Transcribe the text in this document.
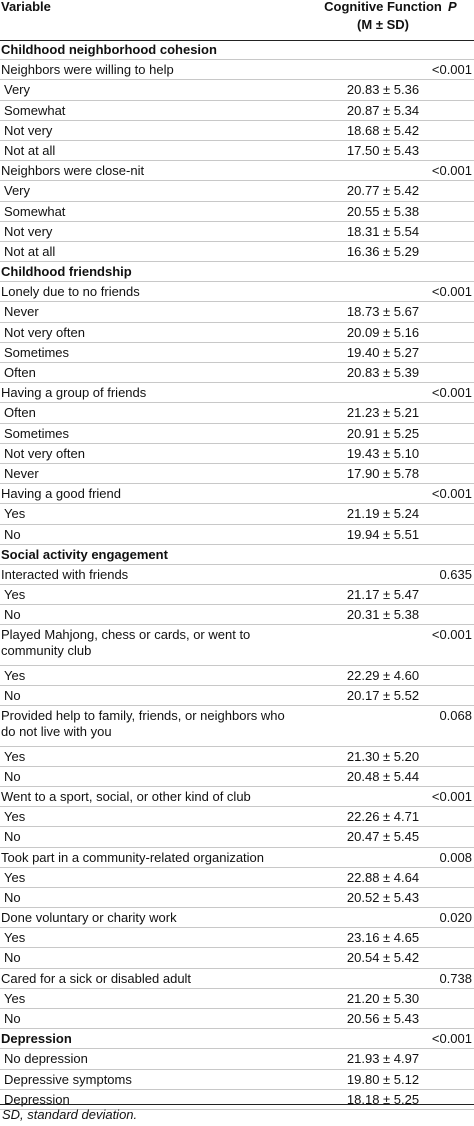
Variable	Cognitive Function
(M ± SD)
P
Childhood neighborhood cohesion
Neighbors were willing to help	<0.001
Very	20.83 ± 5.36
Somewhat	20.87 ± 5.34
Not very	18.68 ± 5.42
Not at all	17.50 ± 5.43
Neighbors were close-nit	<0.001
Very	20.77 ± 5.42
Somewhat	20.55 ± 5.38
Not very	18.31 ± 5.54
Not at all	16.36 ± 5.29
Childhood friendship
Lonely due to no friends	<0.001
Never	18.73 ± 5.67
Not very often	20.09 ± 5.16
Sometimes	19.40 ± 5.27
Often	20.83 ± 5.39
Having a group of friends	<0.001
Often	21.23 ± 5.21
Sometimes	20.91 ± 5.25
Not very often	19.43 ± 5.10
Never	17.90 ± 5.78
Having a good friend	<0.001
Yes	21.19 ± 5.24
No	19.94 ± 5.51
Social activity engagement
Interacted with friends	0.635
Yes	21.17 ± 5.47
No	20.31 ± 5.38
Played Mahjong, chess or cards, or went to community club
<0.001
Yes	22.29 ± 4.60
No	20.17 ± 5.52
Provided help to family, friends, or neighbors who do not live with you
0.068
Yes	21.30 ± 5.20
No	20.48 ± 5.44
Went to a sport, social, or other kind of club	<0.001
Yes	22.26 ± 4.71
No	20.47 ± 5.45
Took part in a community-related organization	0.008
Yes	22.88 ± 4.64
No	20.52 ± 5.43
Done voluntary or charity work	0.020
Yes	23.16 ± 4.65
No	20.54 ± 5.42
Cared for a sick or disabled adult	0.738
Yes	21.20 ± 5.30
No	20.56 ± 5.43
Depression	<0.001
No depression	21.93 ± 4.97
Depressive symptoms	19.80 ± 5.12
Depression	18.18 ± 5.25
SD, standard deviation.
